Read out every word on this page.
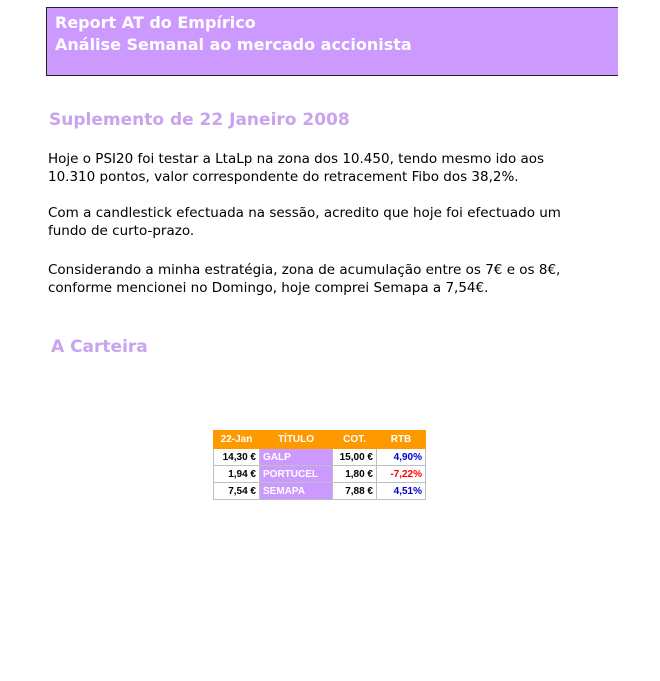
Report AT do Empírico
Análise Semanal ao mercado accionista
Suplemento de 22 Janeiro 2008
Hoje o PSI20 foi testar a LtaLp na zona dos 10.450, tendo mesmo ido aos
10.310 pontos, valor correspondente do retracement Fibo dos 38,2%.
Com a candlestick efectuada na sessão, acredito que hoje foi efectuado um
fundo de curto-prazo.
Considerando a minha estratégia, zona de acumulação entre os 7€ e os 8€,
conforme mencionei no Domingo, hoje comprei Semapa a 7,54€.
A Carteira
22-Jan	TÍTULO	COT.	RTB
14,30 €	GALP	15,00 €	4,90%
1,94 €	PORTUCEL	1,80 €	-7,22%
7,54 €	SEMAPA	7,88 €	4,51%
